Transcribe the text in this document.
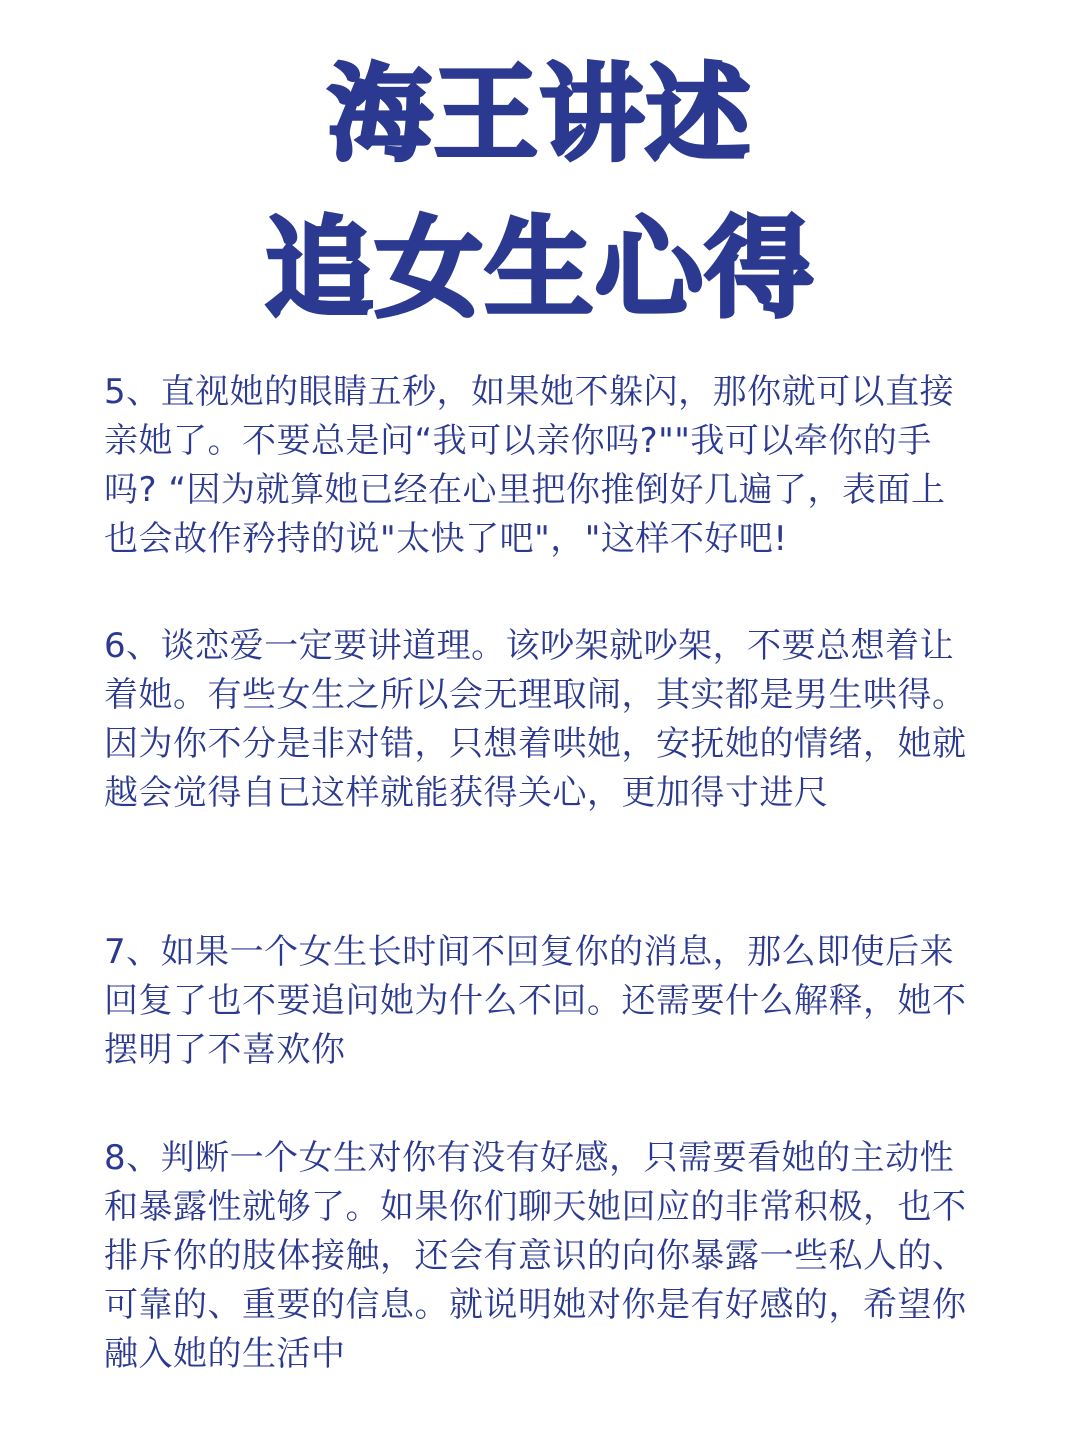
海王讲述
追女生心得
5、直视她的眼睛五秒，如果她不躲闪，那你就可以直接亲她了。不要总是问“我可以亲你吗?""我可以牵你的手吗? “因为就算她已经在心里把你推倒好几遍了，表面上也会故作矜持的说"太快了吧"，"这样不好吧!
6、谈恋爱一定要讲道理。该吵架就吵架，不要总想着让着她。有些女生之所以会无理取闹，其实都是男生哄得。因为你不分是非对错，只想着哄她，安抚她的情绪，她就越会觉得自已这样就能获得关心，更加得寸进尺
7、如果一个女生长时间不回复你的消息，那么即使后来回复了也不要追问她为什么不回。还需要什么解释，她不摆明了不喜欢你
8、判断一个女生对你有没有好感，只需要看她的主动性和暴露性就够了。如果你们聊天她回应的非常积极，也不排斥你的肢体接触，还会有意识的向你暴露一些私人的、可靠的、重要的信息。就说明她对你是有好感的，希望你融入她的生活中
